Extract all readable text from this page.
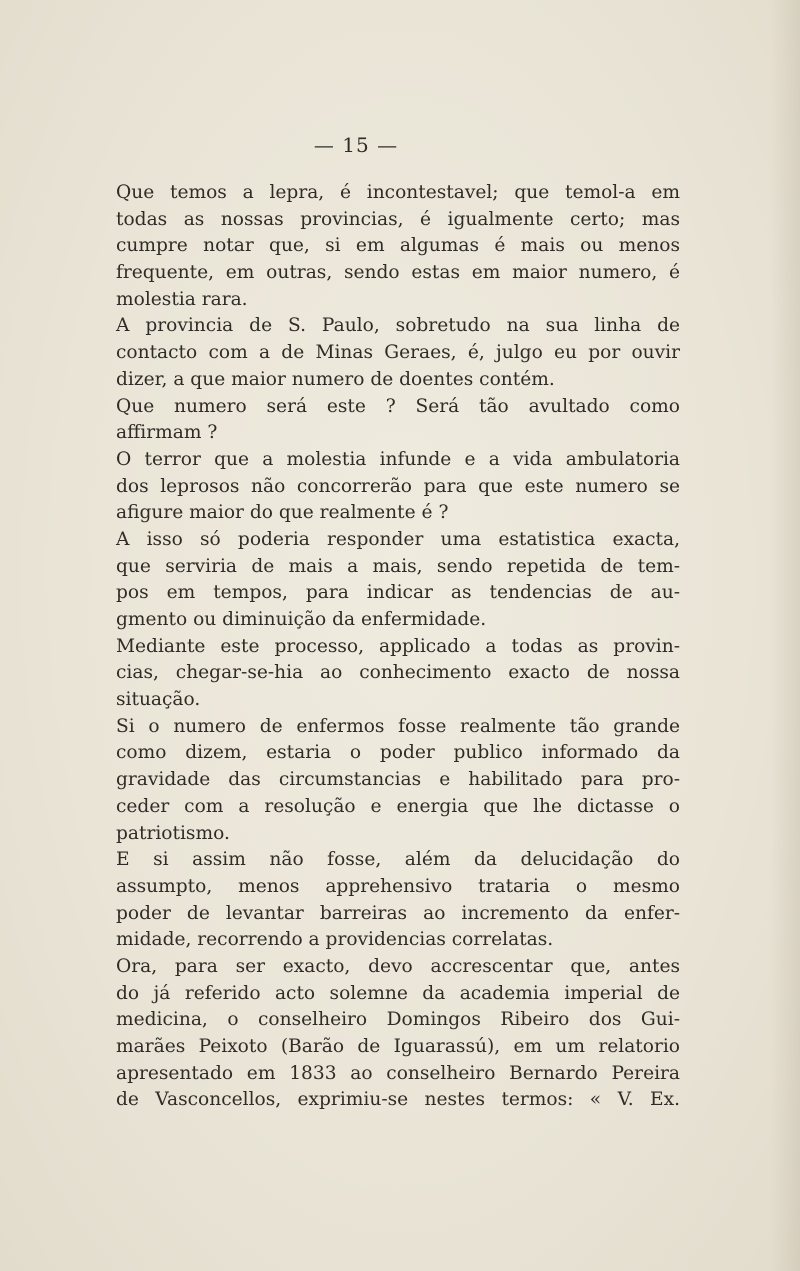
— 15 —
Que temos a lepra, é incontestavel; que temol-a em
todas as nossas provincias, é igualmente certo; mas
cumpre notar que, si em algumas é mais ou menos
frequente, em outras, sendo estas em maior numero, é
molestia rara.
A provincia de S. Paulo, sobretudo na sua linha de
contacto com a de Minas Geraes, é, julgo eu por ouvir
dizer, a que maior numero de doentes contém.
Que numero será este ? Será tão avultado como
affirmam ?
O terror que a molestia infunde e a vida ambulatoria
dos leprosos não concorrerão para que este numero se
afigure maior do que realmente é ?
A isso só poderia responder uma estatistica exacta,
que serviria de mais a mais, sendo repetida de tem-
pos em tempos, para indicar as tendencias de au-
gmento ou diminuição da enfermidade.
Mediante este processo, applicado a todas as provin-
cias, chegar-se-hia ao conhecimento exacto de nossa
situação.
Si o numero de enfermos fosse realmente tão grande
como dizem, estaria o poder publico informado da
gravidade das circumstancias e habilitado para pro-
ceder com a resolução e energia que lhe dictasse o
patriotismo.
E si assim não fosse, além da delucidação do
assumpto, menos apprehensivo trataria o mesmo
poder de levantar barreiras ao incremento da enfer-
midade, recorrendo a providencias correlatas.
Ora, para ser exacto, devo accrescentar que, antes
do já referido acto solemne da academia imperial de
medicina, o conselheiro Domingos Ribeiro dos Gui-
marães Peixoto (Barão de Iguarassú), em um relatorio
apresentado em 1833 ao conselheiro Bernardo Pereira
de Vasconcellos, exprimiu-se nestes termos: « V. Ex.
